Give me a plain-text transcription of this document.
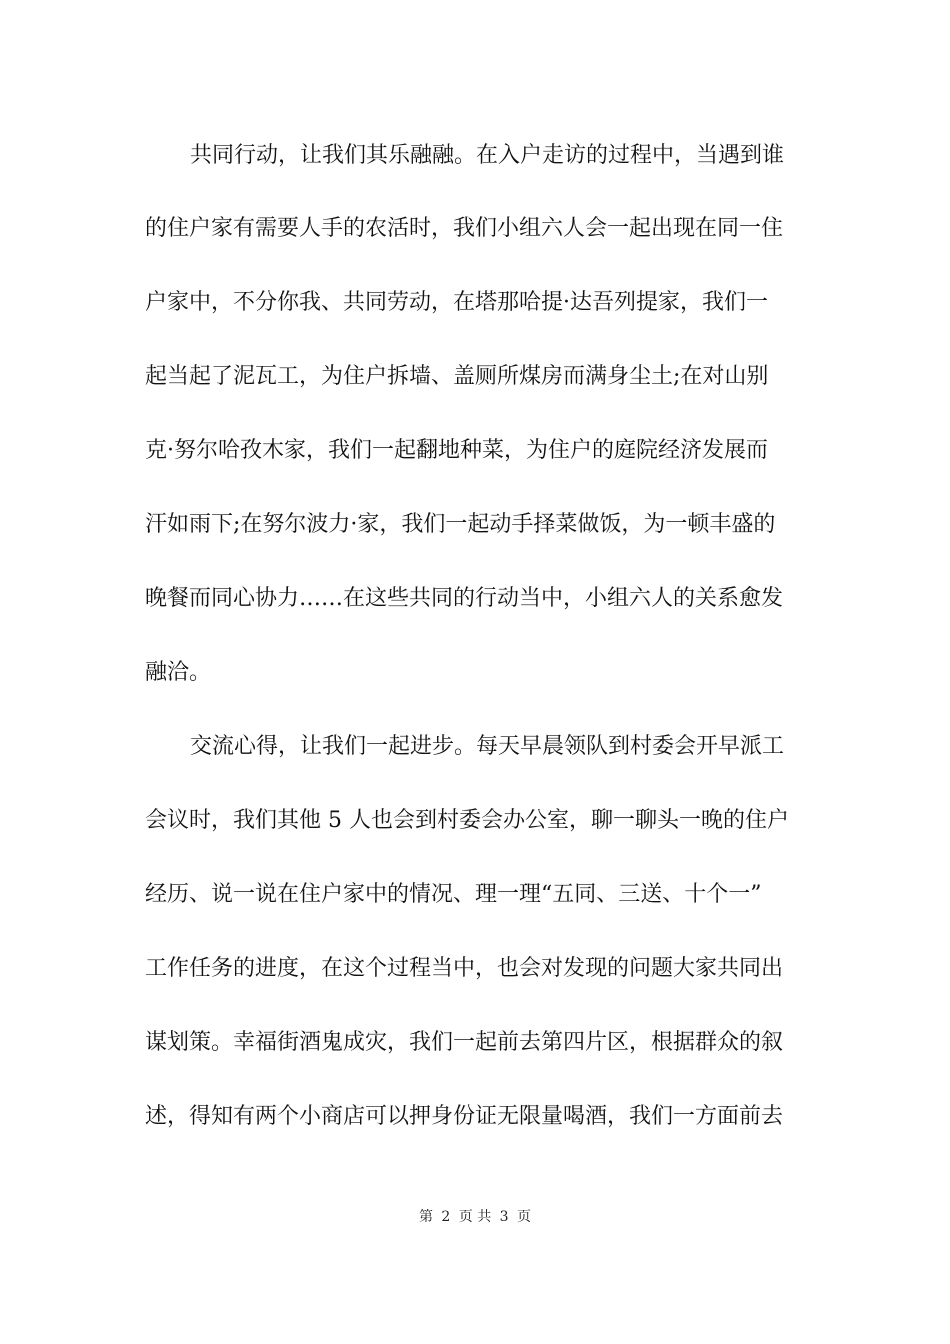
共同行动，让我们其乐融融。在入户走访的过程中，当遇到谁
的住户家有需要人手的农活时，我们小组六人会一起出现在同一住
户家中，不分你我、共同劳动，在塔那哈提·达吾列提家，我们一
起当起了泥瓦工，为住户拆墙、盖厕所煤房而满身尘土;在对山别
克·努尔哈孜木家，我们一起翻地种菜，为住户的庭院经济发展而
汗如雨下;在努尔波力·家，我们一起动手择菜做饭，为一顿丰盛的
晚餐而同心协力……在这些共同的行动当中，小组六人的关系愈发
融洽。
交流心得，让我们一起进步。每天早晨领队到村委会开早派工
会议时，我们其他 5 人也会到村委会办公室，聊一聊头一晚的住户
经历、说一说在住户家中的情况、理一理“五同、三送、十个一”
工作任务的进度，在这个过程当中，也会对发现的问题大家共同出
谋划策。幸福街酒鬼成灾，我们一起前去第四片区，根据群众的叙
述，得知有两个小商店可以押身份证无限量喝酒，我们一方面前去
第 2 页 共 3 页
